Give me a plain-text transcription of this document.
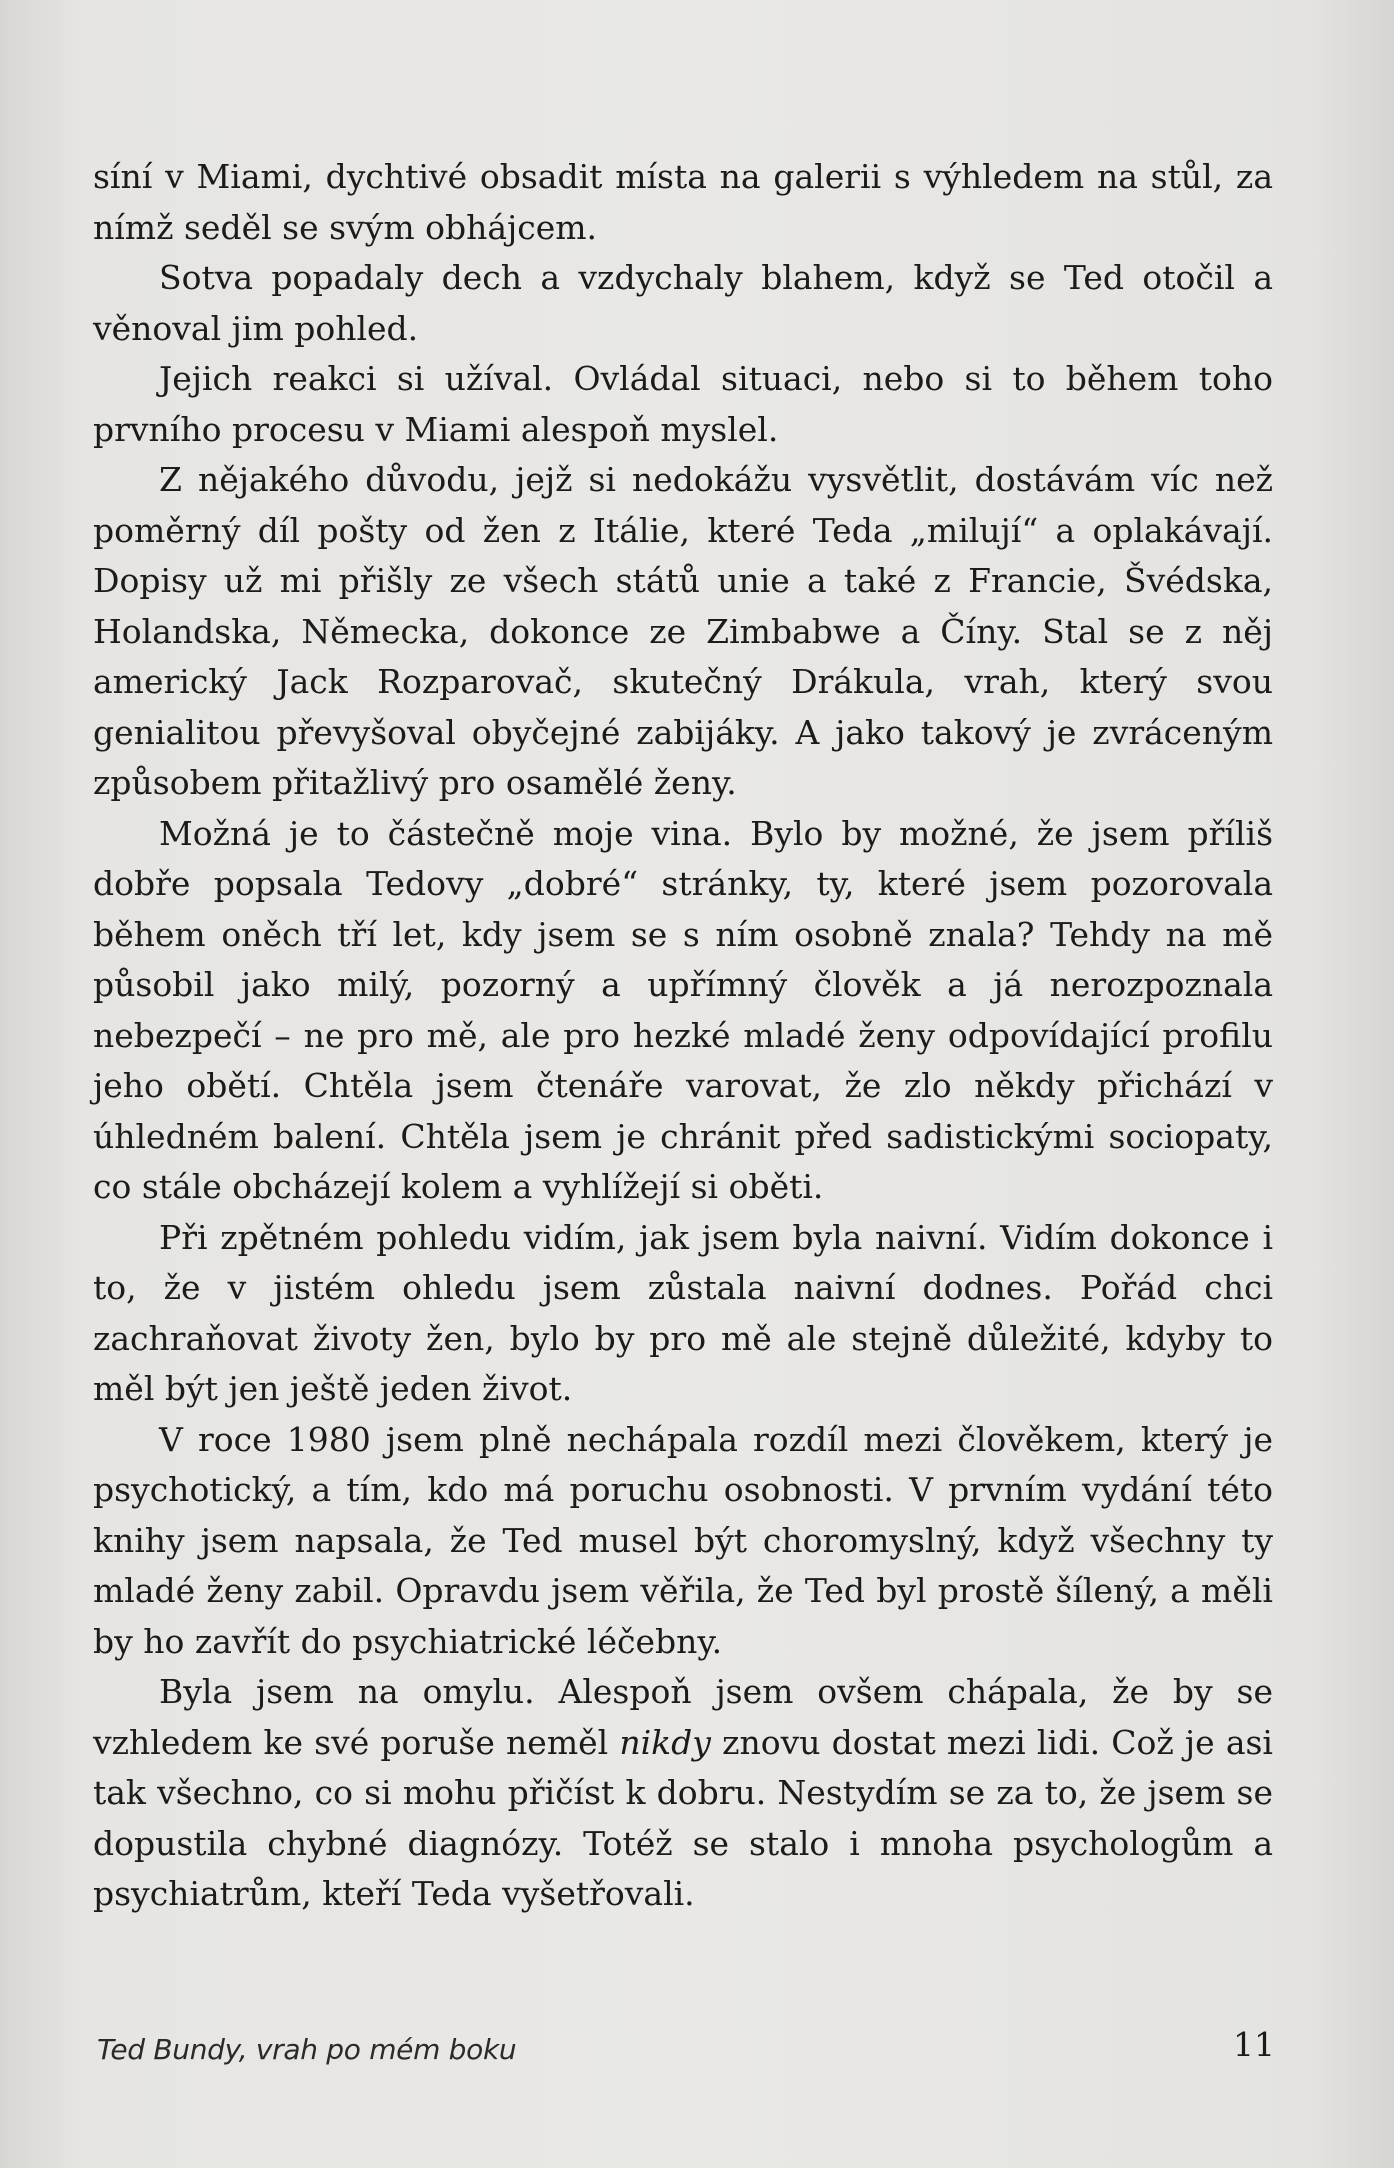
síní v Miami, dychtivé obsadit místa na galerii s výhledem na stůl, za nímž seděl se svým obhájcem.

Sotva popadaly dech a vzdychaly blahem, když se Ted otočil a věnoval jim pohled.

Jejich reakci si užíval. Ovládal situaci, nebo si to během toho prvního procesu v Miami alespoň myslel.

Z nějakého důvodu, jejž si nedokážu vysvětlit, dostávám víc než poměrný díl pošty od žen z Itálie, které Teda „milují“ a oplakávají. Dopisy už mi přišly ze všech států unie a také z Francie, Švédska, Holandska, Německa, dokonce ze Zimbabwe a Číny. Stal se z něj americký Jack Rozparovač, skutečný Drákula, vrah, který svou genialitou převyšoval obyčejné zabijáky. A jako takový je zvráceným způsobem přitažlivý pro osamělé ženy.

Možná je to částečně moje vina. Bylo by možné, že jsem příliš dobře popsala Tedovy „dobré“ stránky, ty, které jsem pozorovala během oněch tří let, kdy jsem se s ním osobně znala? Tehdy na mě působil jako milý, pozorný a upřímný člověk a já nerozpoznala nebezpečí – ne pro mě, ale pro hezké mladé ženy odpovídající profilu jeho obětí. Chtěla jsem čtenáře varovat, že zlo někdy přichází v úhledném balení. Chtěla jsem je chránit před sadistickými sociopaty, co stále obcházejí kolem a vyhlížejí si oběti.

Při zpětném pohledu vidím, jak jsem byla naivní. Vidím dokonce i to, že v jistém ohledu jsem zůstala naivní dodnes. Pořád chci zachraňovat životy žen, bylo by pro mě ale stejně důležité, kdyby to měl být jen ještě jeden život.

V roce 1980 jsem plně nechápala rozdíl mezi člověkem, který je psychotický, a tím, kdo má poruchu osobnosti. V prvním vydání této knihy jsem napsala, že Ted musel být choromyslný, když všechny ty mladé ženy zabil. Opravdu jsem věřila, že Ted byl prostě šílený, a měli by ho zavřít do psychiatrické léčebny.

Byla jsem na omylu. Alespoň jsem ovšem chápala, že by se vzhledem ke své poruše neměl nikdy znovu dostat mezi lidi. Což je asi tak všechno, co si mohu přičíst k dobru. Nestydím se za to, že jsem se dopustila chybné diagnózy. Totéž se stalo i mnoha psychologům a psychiatrům, kteří Teda vyšetřovali.

Ted Bundy, vrah po mém boku	11
